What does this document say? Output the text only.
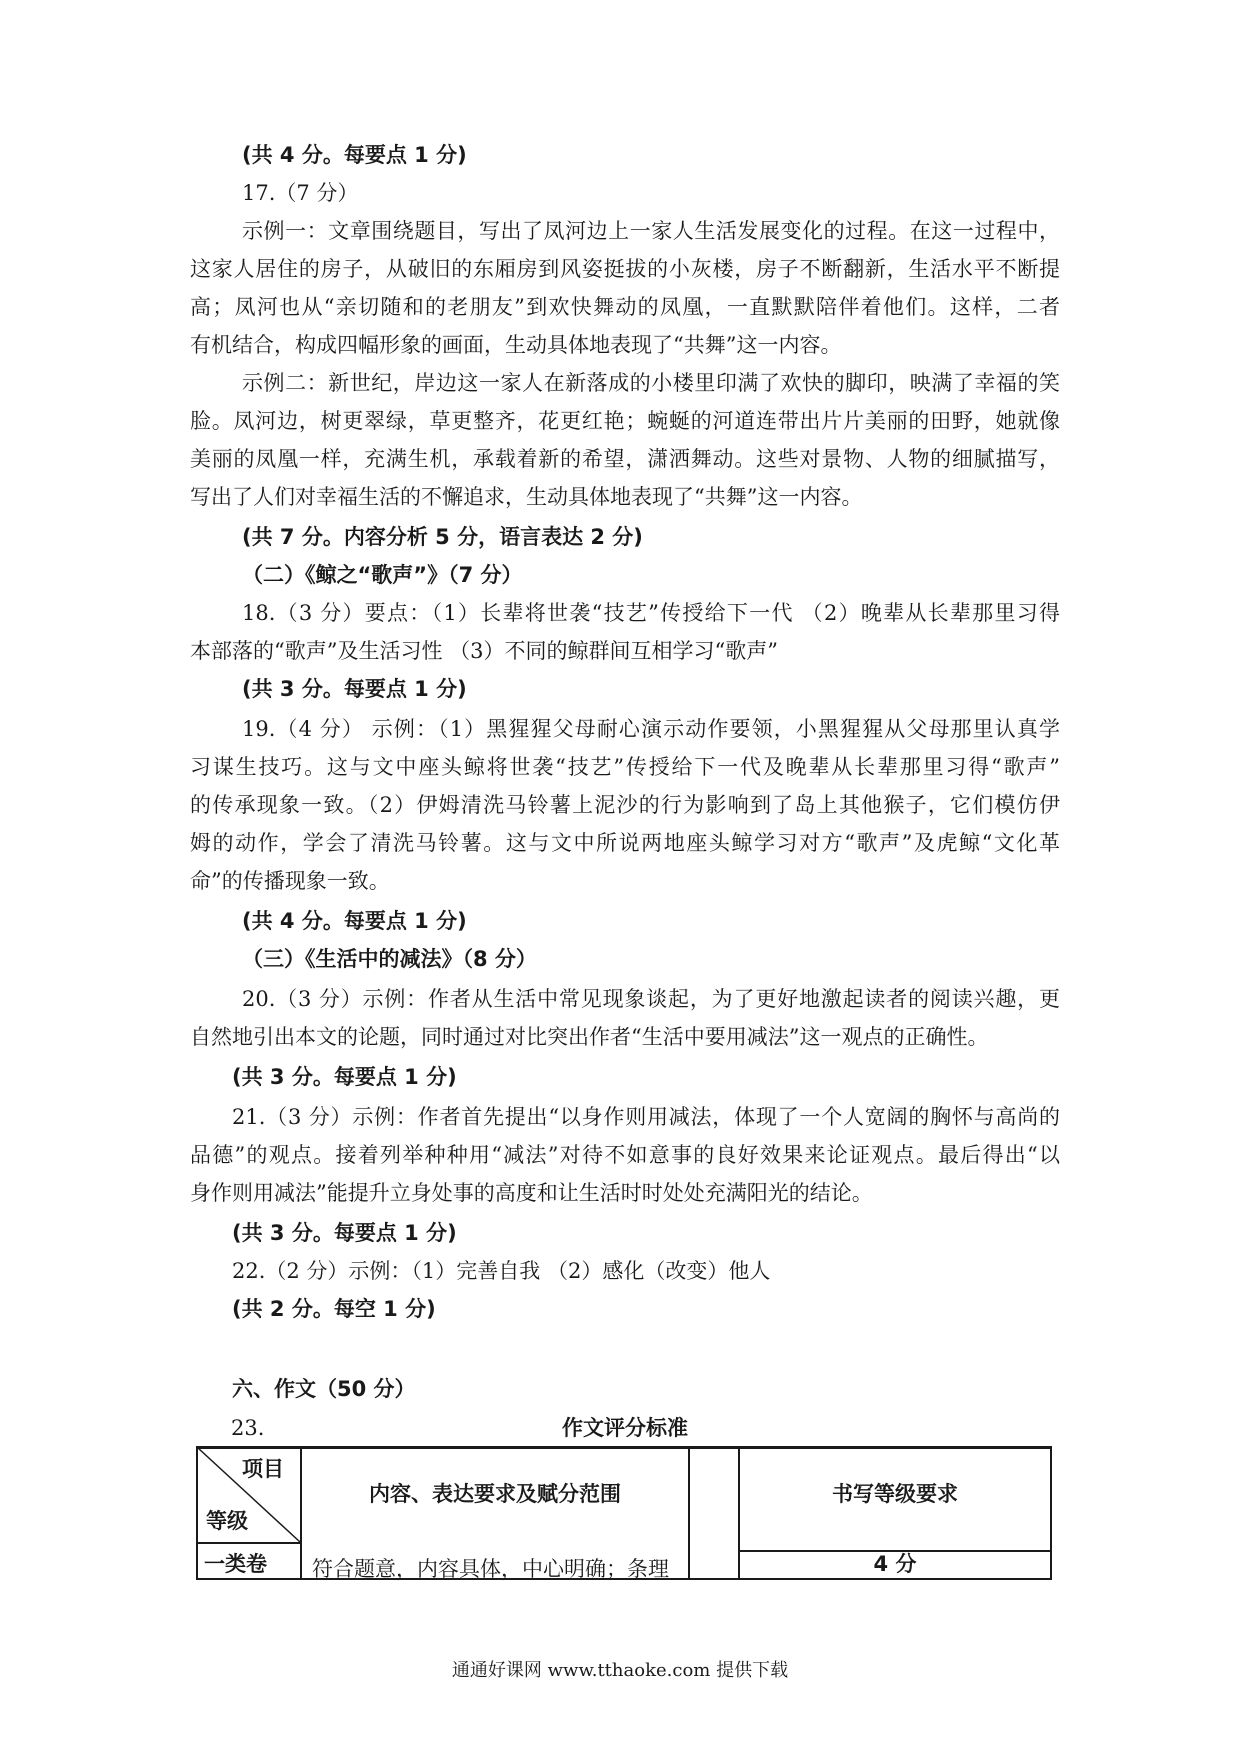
(共 4 分。每要点 1 分)
17.（7 分）
示例一：文章围绕题目，写出了凤河边上一家人生活发展变化的过程。在这一过程中，
这家人居住的房子，从破旧的东厢房到风姿挺拔的小灰楼，房子不断翻新，生活水平不断提
高；凤河也从“亲切随和的老朋友”到欢快舞动的凤凰，一直默默陪伴着他们。这样，二者
有机结合，构成四幅形象的画面，生动具体地表现了“共舞”这一内容。
示例二：新世纪，岸边这一家人在新落成的小楼里印满了欢快的脚印，映满了幸福的笑
脸。凤河边，树更翠绿，草更整齐，花更红艳；蜿蜒的河道连带出片片美丽的田野，她就像
美丽的凤凰一样，充满生机，承载着新的希望，潇洒舞动。这些对景物、人物的细腻描写，
写出了人们对幸福生活的不懈追求，生动具体地表现了“共舞”这一内容。
(共 7 分。内容分析 5 分，语言表达 2 分)
（二）《鲸之“歌声”》（7 分）
18.（3 分）要点：（1）长辈将世袭“技艺”传授给下一代 （2）晚辈从长辈那里习得
本部落的“歌声”及生活习性 （3）不同的鲸群间互相学习“歌声”
(共 3 分。每要点 1 分)
19.（4 分） 示例：（1）黑猩猩父母耐心演示动作要领，小黑猩猩从父母那里认真学
习谋生技巧。这与文中座头鲸将世袭“技艺”传授给下一代及晚辈从长辈那里习得“歌声”
的传承现象一致。（2）伊姆清洗马铃薯上泥沙的行为影响到了岛上其他猴子，它们模仿伊
姆的动作，学会了清洗马铃薯。这与文中所说两地座头鲸学习对方“歌声”及虎鲸“文化革
命”的传播现象一致。
(共 4 分。每要点 1 分)
（三）《生活中的减法》（8 分）
20.（3 分）示例：作者从生活中常见现象谈起，为了更好地激起读者的阅读兴趣，更
自然地引出本文的论题，同时通过对比突出作者“生活中要用减法”这一观点的正确性。
(共 3 分。每要点 1 分)
21.（3 分）示例：作者首先提出“以身作则用减法，体现了一个人宽阔的胸怀与高尚的
品德”的观点。接着列举种种用“减法”对待不如意事的良好效果来论证观点。最后得出“以
身作则用减法”能提升立身处事的高度和让生活时时处处充满阳光的结论。
(共 3 分。每要点 1 分)
22.（2 分）示例：（1）完善自我 （2）感化（改变）他人
(共 2 分。每空 1 分)
六、作文（50 分）
23.	作文评分标准
项目
等级
内容、表达要求及赋分范围	书写等级要求
一类卷 符合题意，内容具体，中心明确；条理	4 分
通通好课网 www.tthaoke.com 提供下载
